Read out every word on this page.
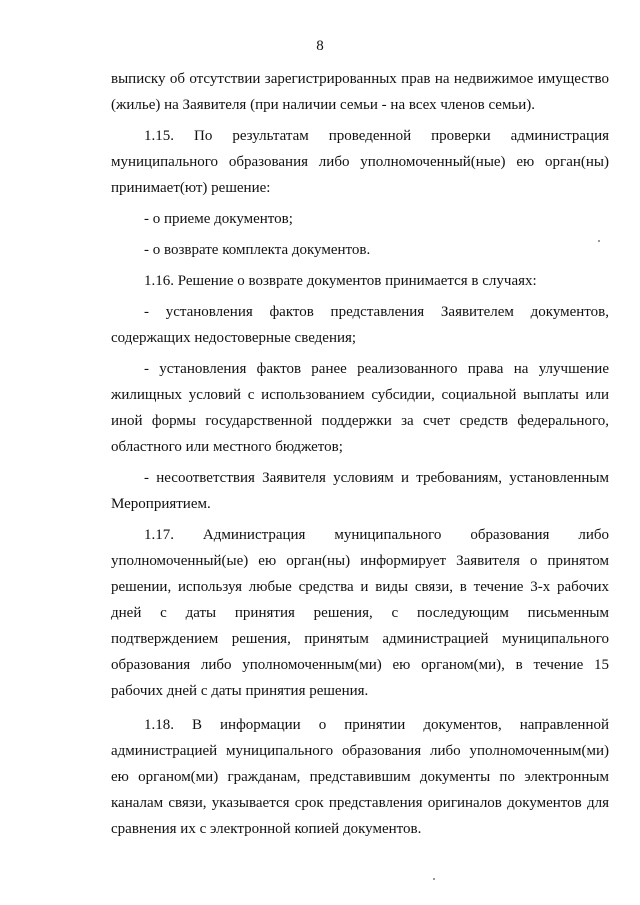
8

выписку об отсутствии зарегистрированных прав на недвижимое имущество (жилье) на Заявителя (при наличии семьи - на всех членов семьи).

1.15. По результатам проведенной проверки администрация муниципального образования либо уполномоченный(ные) ею орган(ны) принимает(ют) решение:

- о приеме документов;

- о возврате комплекта документов.

1.16. Решение о возврате документов принимается в случаях:

- установления фактов представления Заявителем документов, содержащих недостоверные сведения;

- установления фактов ранее реализованного права на улучшение жилищных условий с использованием субсидии, социальной выплаты или иной формы государственной поддержки за счет средств федерального, областного или местного бюджетов;

- несоответствия Заявителя условиям и требованиям, установленным Мероприятием.

1.17. Администрация муниципального образования либо уполномоченный(ые) ею орган(ны) информирует Заявителя о принятом решении, используя любые средства и виды связи, в течение 3-х рабочих дней с даты принятия решения, с последующим письменным подтверждением решения, принятым администрацией муниципального образования либо уполномоченным(ми) ею органом(ми), в течение 15 рабочих дней с даты принятия решения.

1.18. В информации о принятии документов, направленной администрацией муниципального образования либо уполномоченным(ми) ею органом(ми) гражданам, представившим документы по электронным каналам связи, указывается срок представления оригиналов документов для сравнения их с электронной копией документов.
